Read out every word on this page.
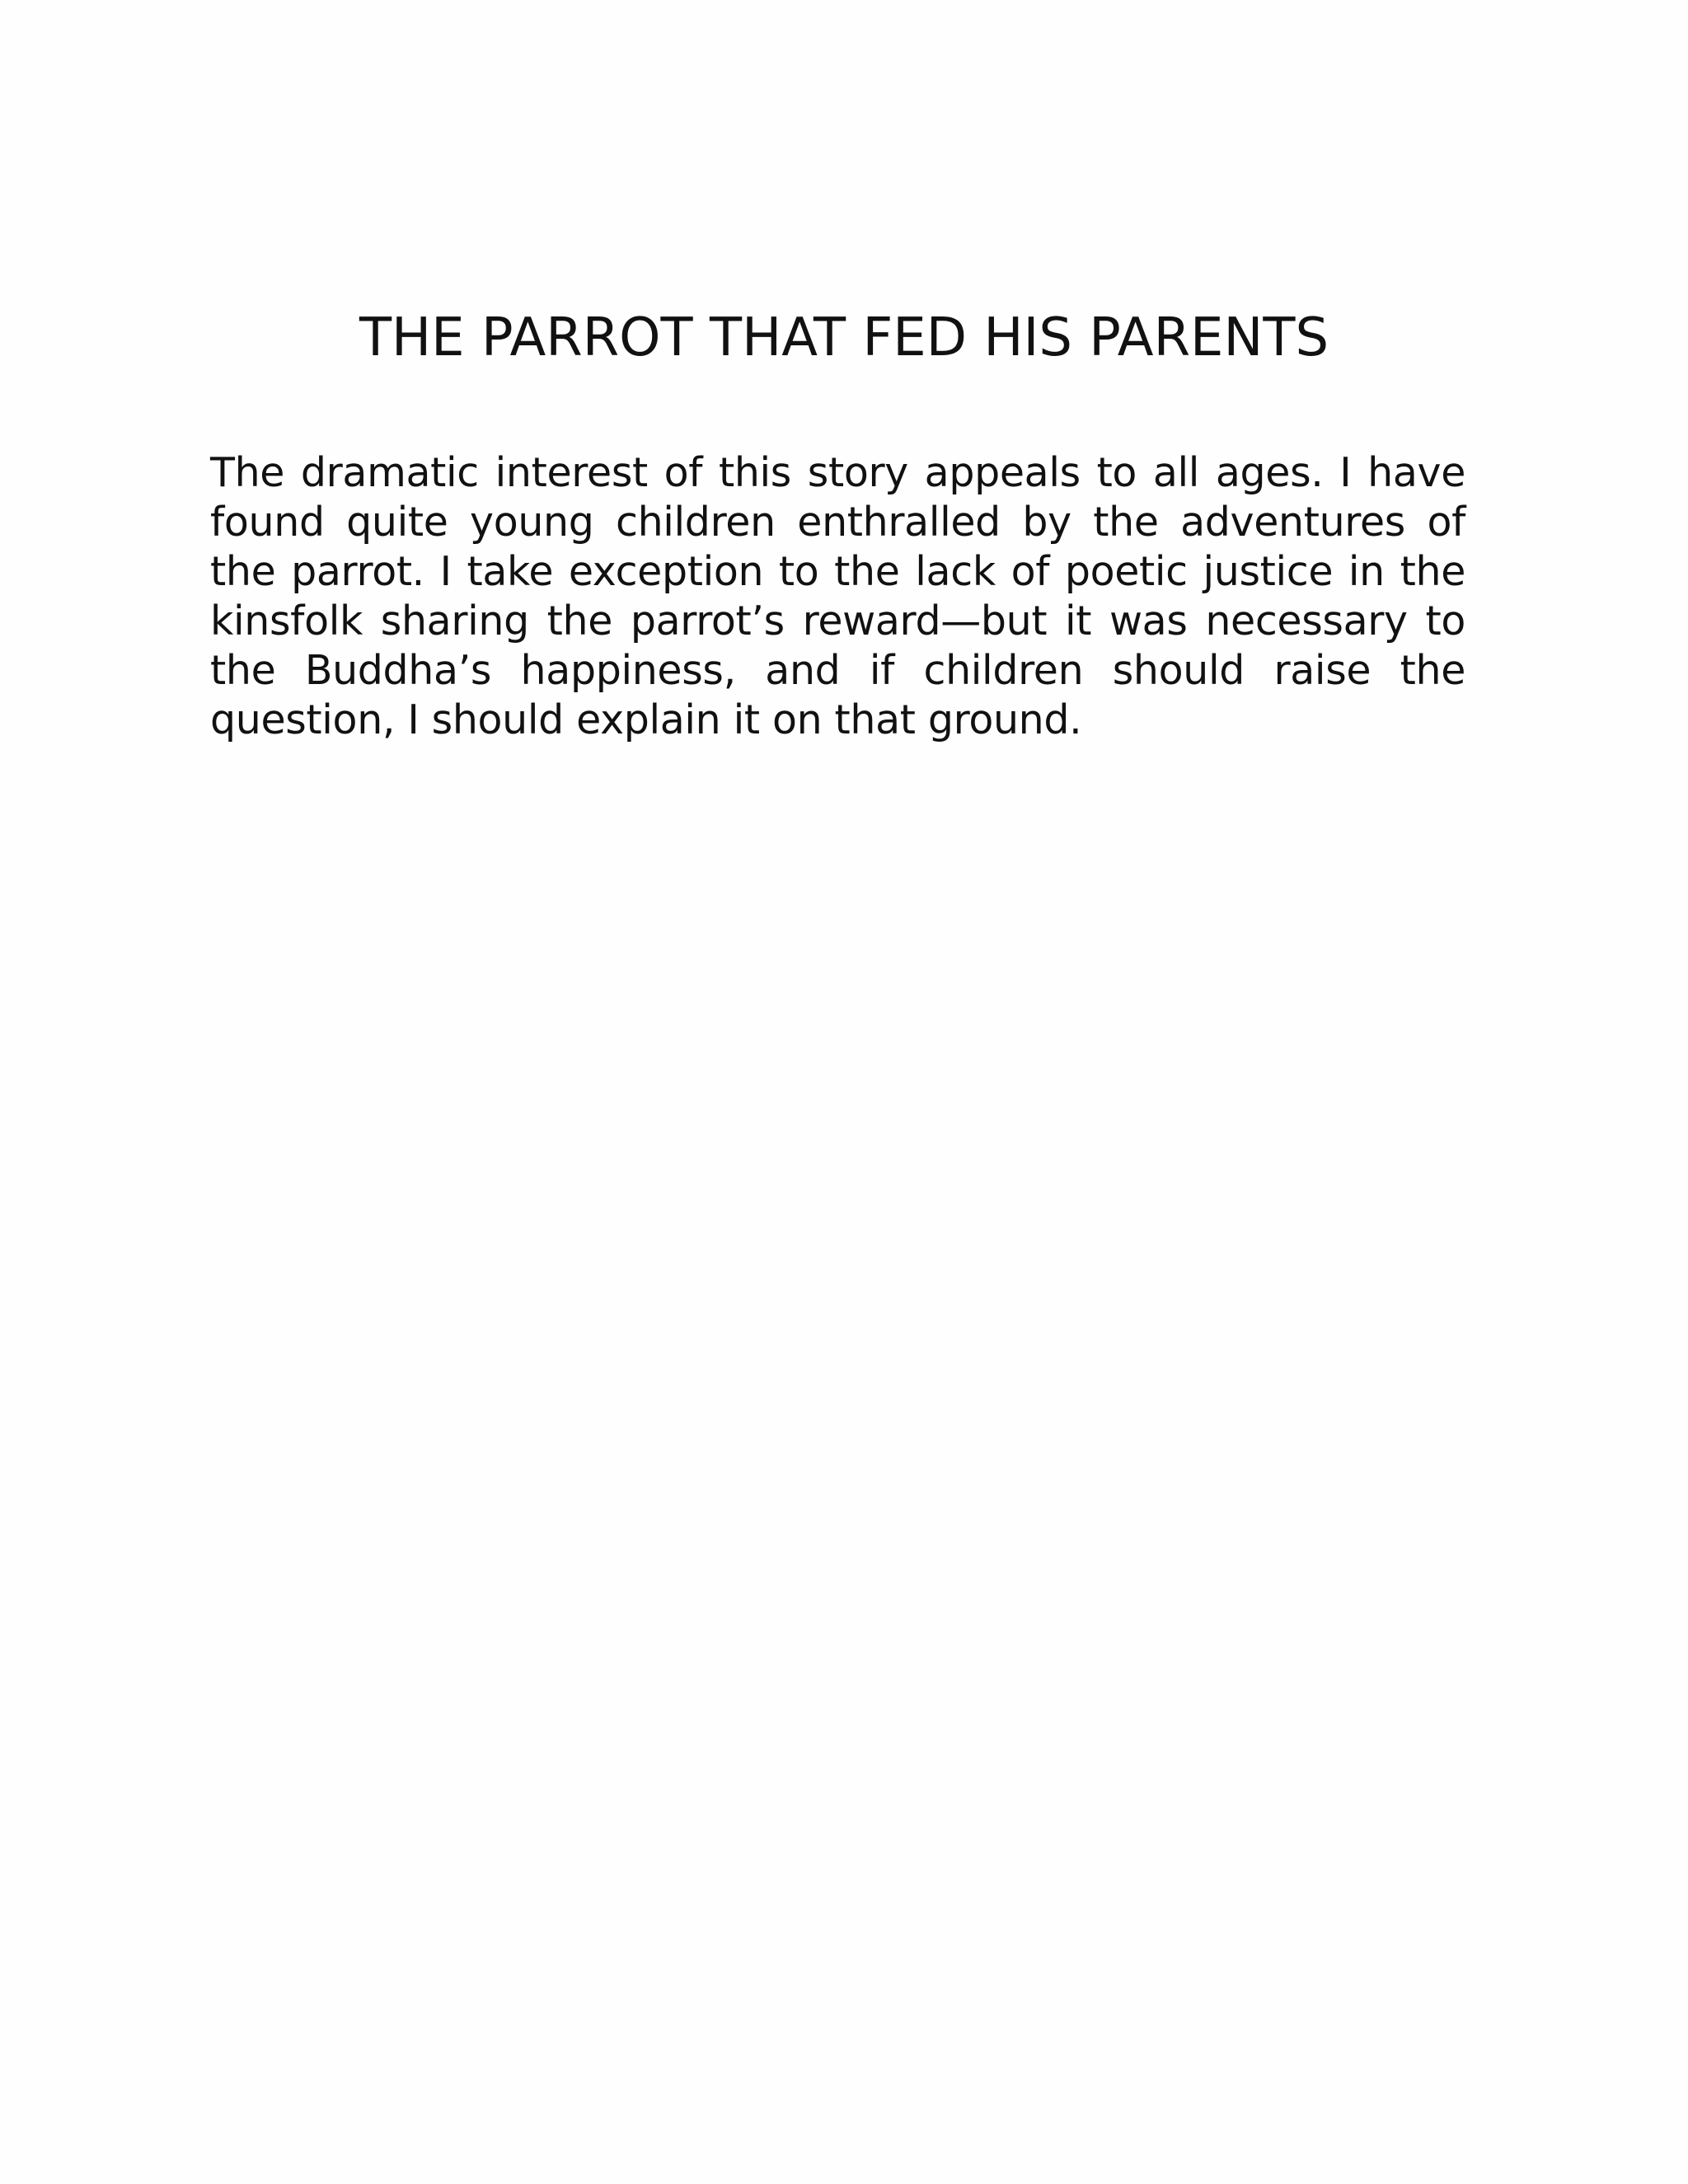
THE PARROT THAT FED HIS PARENTS

The dramatic interest of this story appeals to all ages. I have found quite young children enthralled by the adventures of the parrot. I take exception to the lack of poetic justice in the kinsfolk sharing the parrot’s reward—but it was necessary to the Buddha’s happiness, and if children should raise the question, I should explain it on that ground.
